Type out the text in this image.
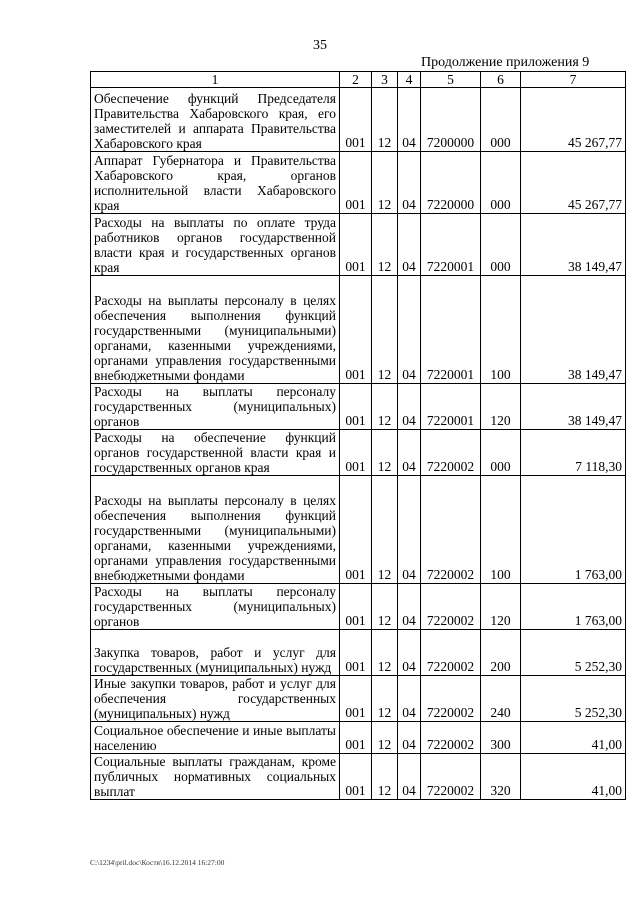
35
Продолжение приложения 9
1	2	3	4	5	6	7

Обеспечение функций Председателя Правительства Хабаровского края, его заместителей и аппарата Правительства Хабаровского края	001	12	04	7200000	000	45 267,77

Аппарат Губернатора и Правительства Хабаровского края, органов исполнительной власти Хабаровского края	001	12	04	7220000	000	45 267,77

Расходы на выплаты по оплате труда работников органов государственной власти края и государственных органов края	001	12	04	7220001	000	38 149,47

Расходы на выплаты персоналу в целях обеспечения выполнения функций государственными (муниципальными) органами, казенными учреждениями, органами управления государственными внебюджетными фондами	001	12	04	7220001	100	38 149,47

Расходы на выплаты персоналу государственных (муниципальных) органов	001	12	04	7220001	120	38 149,47

Расходы на обеспечение функций органов государственной власти края и государственных органов края	001	12	04	7220002	000	7 118,30

Расходы на выплаты персоналу в целях обеспечения выполнения функций государственными (муниципальными) органами, казенными учреждениями, органами управления государственными внебюджетными фондами	001	12	04	7220002	100	1 763,00

Расходы на выплаты персоналу государственных (муниципальных) органов	001	12	04	7220002	120	1 763,00

Закупка товаров, работ и услуг для государственных (муниципальных) нужд	001	12	04	7220002	200	5 252,30

Иные закупки товаров, работ и услуг для обеспечения государственных (муниципальных) нужд	001	12	04	7220002	240	5 252,30

Социальное обеспечение и иные выплаты населению	001	12	04	7220002	300	41,00

Социальные выплаты гражданам, кроме публичных нормативных социальных выплат	001	12	04	7220002	320	41,00
C:\1234\pril.doc\Костя\16.12.2014 16:27:00
